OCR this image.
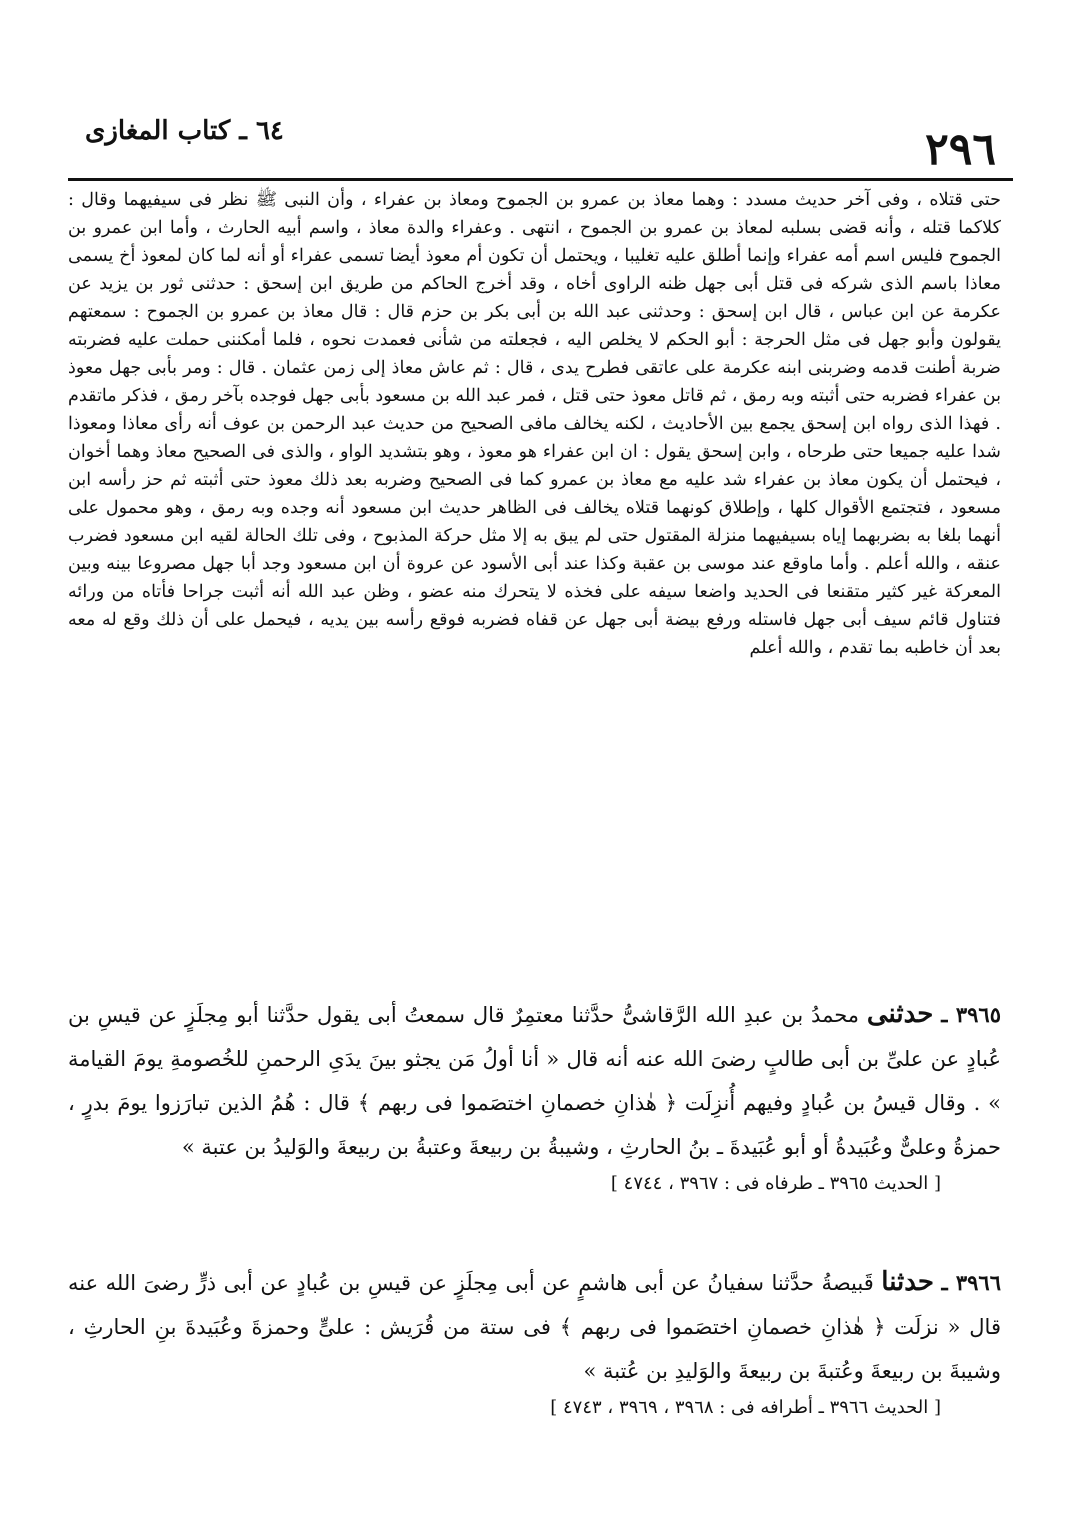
٢٩٦
٦٤ ـ كتاب المغازى
حتى قتلاه ، وفى آخر حديث مسدد : وهما معاذ بن عمرو بن الجموح ومعاذ بن عفراء ، وأن النبى ﷺ نظر فى سيفيهما وقال : كلاكما قتله ، وأنه قضى بسلبه لمعاذ بن عمرو بن الجموح ، انتهى . وعفراء والدة معاذ ، واسم أبيه الحارث ، وأما ابن عمرو بن الجموح فليس اسم أمه عفراء وإنما أطلق عليه تغليبا ، ويحتمل أن تكون أم معوذ أيضا تسمى عفراء أو أنه لما كان لمعوذ أخ يسمى معاذا باسم الذى شركه فى قتل أبى جهل ظنه الراوى أخاه ، وقد أخرج الحاكم من طريق ابن إسحق : حدثنى ثور بن يزيد عن عكرمة عن ابن عباس ، قال ابن إسحق : وحدثنى عبد الله بن أبى بكر بن حزم قال : قال معاذ بن عمرو بن الجموح : سمعتهم يقولون وأبو جهل فى مثل الحرجة : أبو الحكم لا يخلص اليه ، فجعلته من شأنى فعمدت نحوه ، فلما أمكننى حملت عليه فضربته ضربة أطنت قدمه وضربنى ابنه عكرمة على عاتقى فطرح يدى ، قال : ثم عاش معاذ إلى زمن عثمان . قال : ومر بأبى جهل معوذ بن عفراء فضربه حتى أثبته وبه رمق ، ثم قاتل معوذ حتى قتل ، فمر عبد الله بن مسعود بأبى جهل فوجده بآخر رمق ، فذكر ماتقدم . فهذا الذى رواه ابن إسحق يجمع بين الأحاديث ، لكنه يخالف مافى الصحيح من حديث عبد الرحمن بن عوف أنه رأى معاذا ومعوذا شدا عليه جميعا حتى طرحاه ، وابن إسحق يقول : ان ابن عفراء هو معوذ ، وهو بتشديد الواو ، والذى فى الصحيح معاذ وهما أخوان ، فيحتمل أن يكون معاذ بن عفراء شد عليه مع معاذ بن عمرو كما فى الصحيح وضربه بعد ذلك معوذ حتى أثبته ثم حز رأسه ابن مسعود ، فتجتمع الأقوال كلها ، وإطلاق كونهما قتلاه يخالف فى الظاهر حديث ابن مسعود أنه وجده وبه رمق ، وهو محمول على أنهما بلغا به بضربهما إياه بسيفيهما منزلة المقتول حتى لم يبق به إلا مثل حركة المذبوح ، وفى تلك الحالة لقيه ابن مسعود فضرب عنقه ، والله أعلم . وأما ماوقع عند موسى بن عقبة وكذا عند أبى الأسود عن عروة أن ابن مسعود وجد أبا جهل مصروعا بينه وبين المعركة غير كثير متقنعا فى الحديد واضعا سيفه على فخذه لا يتحرك منه عضو ، وظن عبد الله أنه أثبت جراحا فأتاه من ورائه فتناول قائم سيف أبى جهل فاستله ورفع بيضة أبى جهل عن قفاه فضربه فوقع رأسه بين يديه ، فيحمل على أن ذلك وقع له معه بعد أن خاطبه بما تقدم ، والله أعلم
٣٩٦٥ ـ حدثنى محمدُ بن عبدِ الله الرَّقاشىُّ حدَّثنا معتمِرٌ قال سمعتُ أبى يقول حدَّثنا أبو مِجلَزٍ عن قيسِ بن عُبادٍ عن علىِّ بن أبى طالبٍ رضىَ الله عنه أنه قال « أنا أولُ مَن يجثو بينَ يدَىِ الرحمنِ للخُصومةِ يومَ القيامة » . وقال قيسُ بن عُبادٍ وفيهم أُنزِلَت ﴿ هٰذانِ خصمانِ اختصَموا فى ربهم ﴾ قال : هُمُ الذين تبارَزوا يومَ بدرٍ ، حمزةُ وعلىٌّ وعُبَيدةُ أو أبو عُبَيدةَ ـ بنُ الحارثِ ، وشيبةُ بن ربيعةَ وعتبةُ بن ربيعةَ والوَليدُ بن عتبة »
[ الحديث ٣٩٦٥ ـ طرفاه فى : ٣٩٦٧ ، ٤٧٤٤ ]
٣٩٦٦ ـ حدثنا قَبيصةُ حدَّثنا سفيانُ عن أبى هاشمٍ عن أبى مِجلَزٍ عن قيسِ بن عُبادٍ عن أبى ذرٍّ رضىَ الله عنه قال « نزلَت ﴿ هٰذانِ خصمانِ اختصَموا فى ربهم ﴾ فى ستة من قُرَيش : علىٍّ وحمزةَ وعُبَيدةَ بنِ الحارثِ ، وشيبةَ بن ربيعةَ وعُتبةَ بن ربيعةَ والوَليدِ بن عُتبة »
[ الحديث ٣٩٦٦ ـ أطرافه فى : ٣٩٦٨ ، ٣٩٦٩ ، ٤٧٤٣ ]
